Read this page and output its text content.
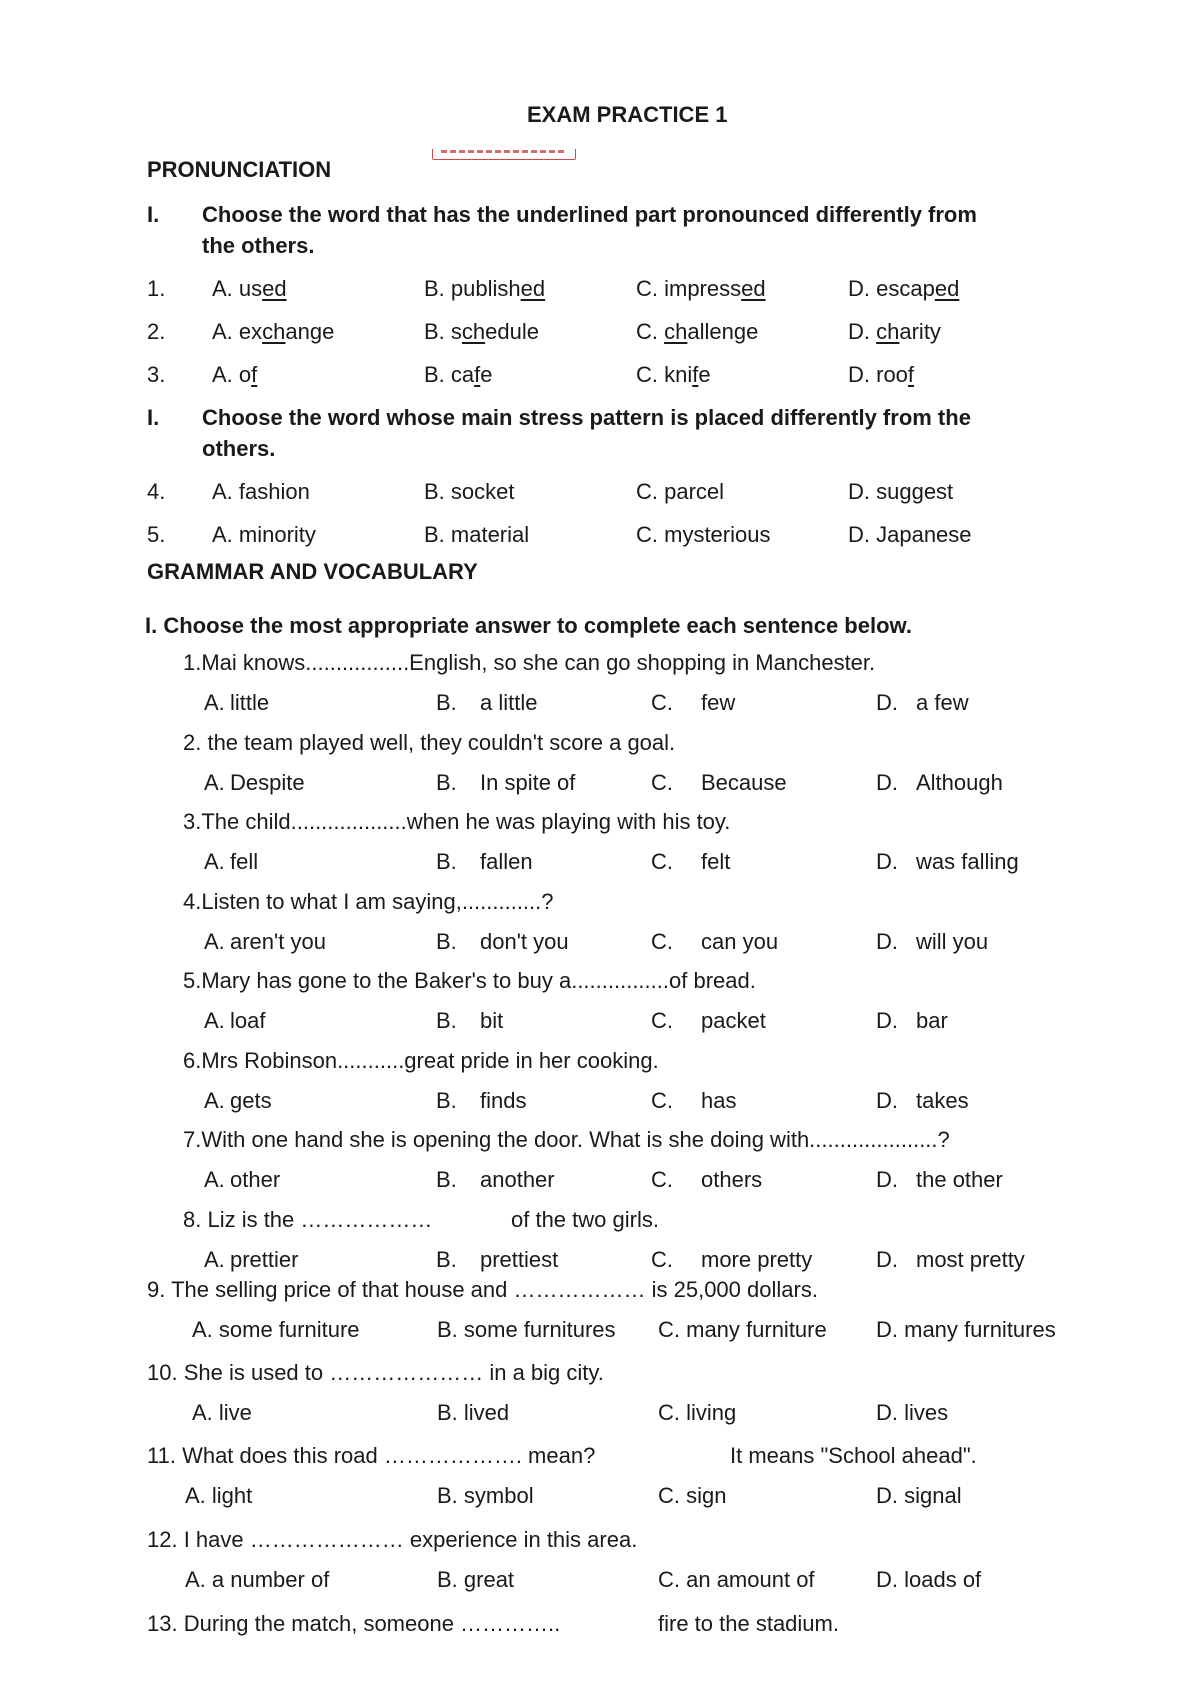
EXAM PRACTICE 1
PRONUNCIATION
I. Choose the word that has the underlined part pronounced differently from
the others.
1. A. used	B. published	C. impressed	D. escaped
2. A. exchange	B. schedule	C. challenge	D. charity
3. A. of	B. cafe	C. knife	D. roof
I. Choose the word whose main stress pattern is placed differently from the
others.
4. A. fashion	B. socket	C. parcel	D. suggest
5. A. minority	B. material	C. mysterious	D. Japanese
GRAMMAR AND VOCABULARY
I. Choose the most appropriate answer to complete each sentence below.
1.Mai knows.................English, so she can go shopping in Manchester.
A. little	B. a little	C. few	D. a few
2. the team played well, they couldn't score a goal.
A. Despite	B. In spite of	C. Because	D. Although
3.The child...................when he was playing with his toy.
A. fell	B. fallen	C. felt	D. was falling
4.Listen to what I am saying,.............?
A. aren't you	B. don't you	C. can you	D. will you
5.Mary has gone to the Baker's to buy a................of bread.
A. loaf	B. bit	C. packet	D. bar
6.Mrs Robinson...........great pride in her cooking.
A. gets	B. finds	C. has	D. takes
7.With one hand she is opening the door. What is she doing with.....................?
A. other	B. another	C. others	D. the other
8. Liz is the ………………	of the two girls.
A. prettier	B. prettiest	C. more pretty	D. most pretty
9. The selling price of that house and ……………… is 25,000 dollars.
A. some furniture	B. some furnitures C. many furniture D. many furnitures
10. She is used to ………………… in a big city.
A. live	B. lived	C. living	D. lives
11. What does this road ………………. mean?	It means "School ahead".
A. light	B. symbol	C. sign	D. signal
12. I have ………………… experience in this area.
A. a number of	B. great	C. an amount of	D. loads of
13. During the match, someone …………..	fire to the stadium.
